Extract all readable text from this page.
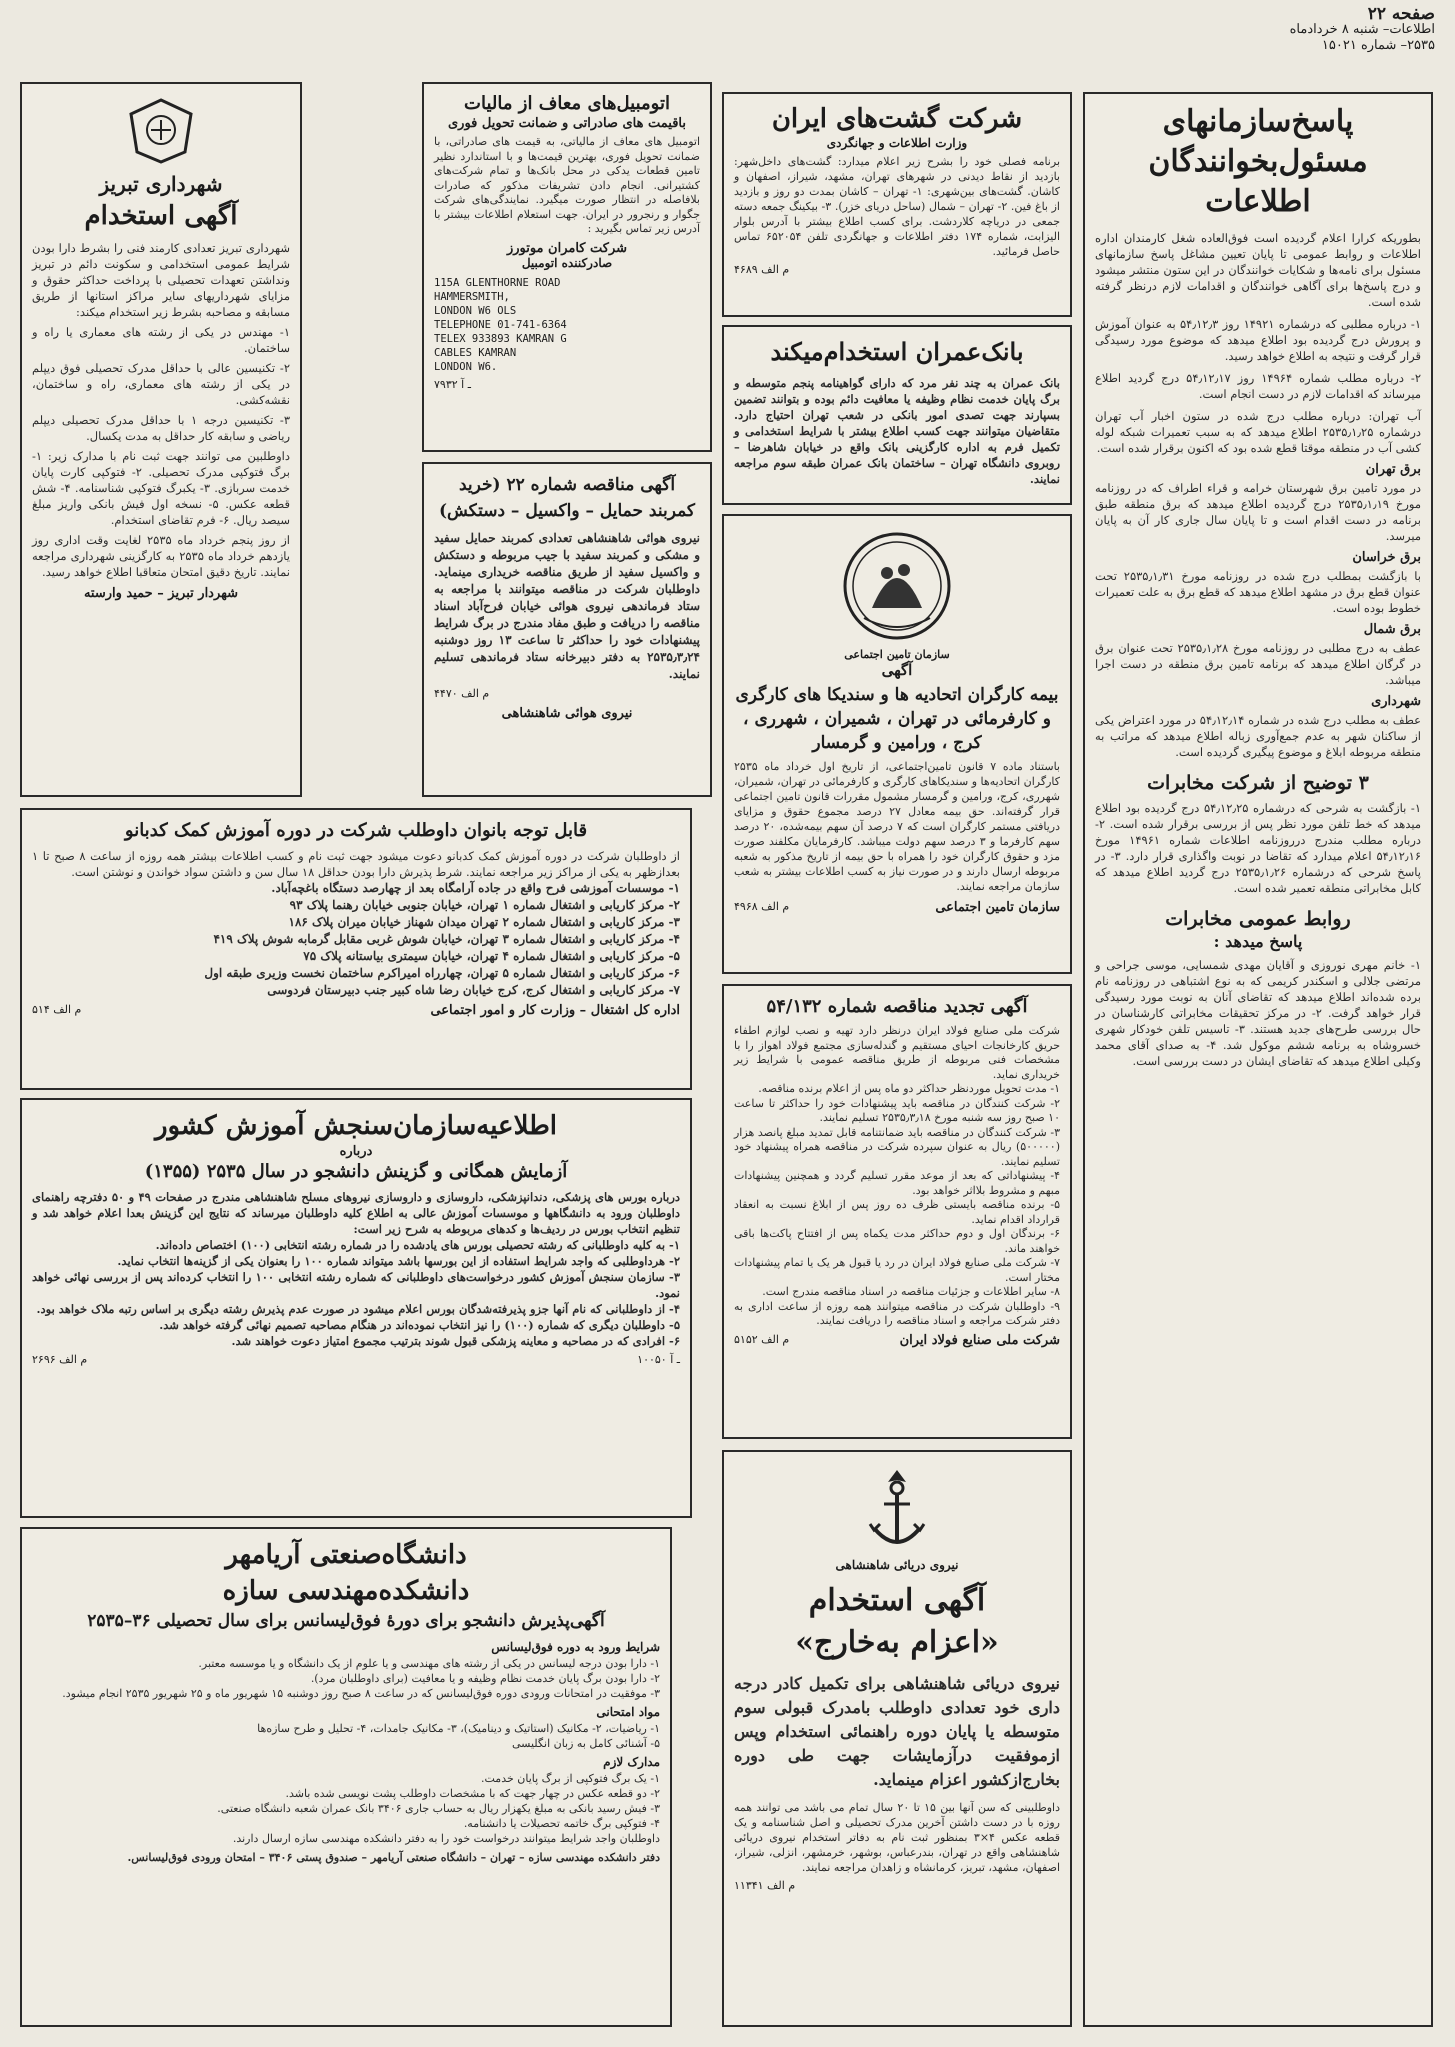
صفحه ۲۲
اطلاعات– شنبه ۸ خردادماه
۲۵۳۵– شماره ۱۵۰۲۱
پاسخ‌سازمانهای
مسئول‌بخوانندگان
اطلاعات
بطوریکه کرارا اعلام گردیده است فوق‌العاده شغل کارمندان اداره اطلاعات و روابط عمومی تا پایان تعیین مشاغل پاسخ سازمانهای مسئول برای نامه‌ها و شکایات خوانندگان در این ستون منتشر میشود و درج پاسخ‌ها برای آگاهی خوانندگان و اقدامات لازم درنظر گرفته شده است.
۱- درباره مطلبی که درشماره ۱۴۹۲۱ روز ۵۴٫۱۲٫۳ به عنوان آموزش و پرورش درج گردیده بود اطلاع میدهد که موضوع مورد رسیدگی قرار گرفت و نتیجه به اطلاع خواهد رسید.
۲- درباره مطلب شماره ۱۴۹۶۴ روز ۵۴٫۱۲٫۱۷ درج گردید اطلاع میرساند که اقدامات لازم در دست انجام است.
آب تهران: درباره مطلب درج شده در ستون اخبار آب تهران درشماره ۲۵۳۵٫۱٫۲۵ اطلاع میدهد که به سبب تعمیرات شبکه لوله کشی آب در منطقه موقتا قطع شده بود که اکنون برقرار شده است.
برق تهران
در مورد تامین برق شهرستان خرامه و قراء اطراف که در روزنامه مورخ ۲۵۳۵٫۱٫۱۹ درج گردیده اطلاع میدهد که برق منطقه طبق برنامه در دست اقدام است و تا پایان سال جاری کار آن به پایان میرسد.
برق خراسان
با بازگشت بمطلب درج شده در روزنامه مورخ ۲۵۳۵٫۱٫۳۱ تحت عنوان قطع برق در مشهد اطلاع میدهد که قطع برق به علت تعمیرات خطوط بوده است.
برق شمال
عطف به درج مطلبی در روزنامه مورخ ۲۵۳۵٫۱٫۲۸ تحت عنوان برق در گرگان اطلاع میدهد که برنامه تامین برق منطقه در دست اجرا میباشد.
شهرداری
عطف به مطلب درج شده در شماره ۵۴٫۱۲٫۱۴ در مورد اعتراض یکی از ساکنان شهر به عدم جمع‌آوری زباله اطلاع میدهد که مراتب به منطقه مربوطه ابلاغ و موضوع پیگیری گردیده است.
۳ توضیح از شرکت مخابرات
۱- بازگشت به شرحی که درشماره ۵۴٫۱۲٫۲۵ درج گردیده بود اطلاع میدهد که خط تلفن مورد نظر پس از بررسی برقرار شده است. ۲- درباره مطلب مندرج درروزنامه اطلاعات شماره ۱۴۹۶۱ مورخ ۵۴٫۱۲٫۱۶ اعلام میدارد که تقاضا در نوبت واگذاری قرار دارد. ۳- در پاسخ شرحی که درشماره ۲۵۳۵٫۱٫۲۶ درج گردید اطلاع میدهد که کابل مخابراتی منطقه تعمیر شده است.
روابط عمومی مخابرات
پاسخ میدهد :
۱- خانم مهری نوروزی و آقایان مهدی شمسایی، موسی جراحی و مرتضی جلالی و اسکندر کریمی که به نوع اشتباهی در روزنامه نام برده شده‌اند اطلاع میدهد که تقاضای آنان به نوبت مورد رسیدگی قرار خواهد گرفت. ۲- در مرکز تحقیقات مخابراتی کارشناسان در حال بررسی طرح‌های جدید هستند. ۳- تاسیس تلفن خودکار شهری خسروشاه به برنامه ششم موکول شد. ۴- به صدای آقای محمد وکیلی اطلاع میدهد که تقاضای ایشان در دست بررسی است.
شرکت گشت‌های ایران
وزارت اطلاعات و جهانگردی
برنامه فصلی خود را بشرح زیر اعلام میدارد: گشت‌های داخل‌شهر: بازدید از نقاط دیدنی در شهرهای تهران، مشهد، شیراز، اصفهان و کاشان. گشت‌های بین‌شهری: ۱- تهران – کاشان بمدت دو روز و بازدید از باغ فین. ۲- تهران – شمال (ساحل دریای خزر). ۳- بیکینگ جمعه دسته جمعی در دریاچه کلاردشت. برای کسب اطلاع بیشتر با آدرس بلوار الیزابت، شماره ۱۷۴ دفتر اطلاعات و جهانگردی تلفن ۶۵۲۰۵۴ تماس حاصل فرمائید.
م الف ۴۶۸۹
بانک‌عمران استخدام‌میکند
بانک عمران به چند نفر مرد که دارای گواهینامه پنجم متوسطه و برگ پایان خدمت نظام وظیفه یا معافیت دائم بوده و بتوانند تضمین بسپارند جهت تصدی امور بانکی در شعب تهران احتیاج دارد. متقاضیان میتوانند جهت کسب اطلاع بیشتر با شرایط استخدامی و تکمیل فرم به اداره کارگزینی بانک واقع در خیابان شاهرضا – روبروی دانشگاه تهران – ساختمان بانک عمران طبقه سوم مراجعه نمایند.
سازمان تامین اجتماعی
آگهی
بیمه کارگران اتحادیه ها و سندیکا های کارگری و کارفرمائی در تهران ، شمیران ، شهرری ، کرج ، ورامین و گرمسار
باستناد ماده ۷ قانون تامین‌اجتماعی، از تاریخ اول خرداد ماه ۲۵۳۵ کارگران اتحادیه‌ها و سندیکاهای کارگری و کارفرمائی در تهران، شمیران، شهرری، کرج، ورامین و گرمسار مشمول مقررات قانون تامین اجتماعی قرار گرفته‌اند. حق بیمه معادل ۲۷ درصد مجموع حقوق و مزایای دریافتی مستمر کارگران است که ۷ درصد آن سهم بیمه‌شده، ۲۰ درصد سهم کارفرما و ۳ درصد سهم دولت میباشد. کارفرمایان مکلفند صورت مزد و حقوق کارگران خود را همراه با حق بیمه از تاریخ مذکور به شعبه مربوطه ارسال دارند و در صورت نیاز به کسب اطلاعات بیشتر به شعب سازمان مراجعه نمایند.
سازمان تامین اجتماعی
م الف ۴۹۶۸
آگهی تجدید مناقصه شماره ۵۴/۱۳۲
شرکت ملی صنایع فولاد ایران درنظر دارد تهیه و نصب لوازم اطفاء حریق کارخانجات احیای مستقیم و گندله‌سازی مجتمع فولاد اهواز را با مشخصات فنی مربوطه از طریق مناقصه عمومی با شرایط زیر خریداری نماید.
۱- مدت تحویل موردنظر حداکثر دو ماه پس از اعلام برنده مناقصه.
۲- شرکت کنندگان در مناقصه باید پیشنهادات خود را حداکثر تا ساعت ۱۰ صبح روز سه شنبه مورخ ۲۵۳۵٫۳٫۱۸ تسلیم نمایند.
۳- شرکت کنندگان در مناقصه باید ضمانتنامه قابل تمدید مبلغ پانصد هزار (۵۰۰۰۰۰) ریال به عنوان سپرده شرکت در مناقصه همراه پیشنهاد خود تسلیم نمایند.
۴- پیشنهاداتی که بعد از موعد مقرر تسلیم گردد و همچنین پیشنهادات مبهم و مشروط بلااثر خواهد بود.
۵- برنده مناقصه بایستی ظرف ده روز پس از ابلاغ نسبت به انعقاد قرارداد اقدام نماید.
۶- برندگان اول و دوم حداکثر مدت یکماه پس از افتتاح پاکت‌ها باقی خواهند ماند.
۷- شرکت ملی صنایع فولاد ایران در رد یا قبول هر یک یا تمام پیشنهادات مختار است.
۸- سایر اطلاعات و جزئیات مناقصه در اسناد مناقصه مندرج است.
۹- داوطلبان شرکت در مناقصه میتوانند همه روزه از ساعت اداری به دفتر شرکت مراجعه و اسناد مناقصه را دریافت نمایند.
شرکت ملی صنایع فولاد ایران
م الف ۵۱۵۲
نیروی دریائی شاهنشاهی
آگهی استخدام
«اعزام به‌خارج»
نیروی دریائی شاهنشاهی برای تکمیل کادر درجه داری خود تعدادی داوطلب بامدرک قبولی سوم متوسطه یا پایان دوره راهنمائی استخدام وپس ازموفقیت درآزمایشات جهت طی دوره بخارج‌ازکشور اعزام مینماید.
داوطلبینی که سن آنها بین ۱۵ تا ۲۰ سال تمام می باشد می توانند همه روزه با در دست داشتن آخرین مدرک تحصیلی و اصل شناسنامه و یک قطعه عکس ۴×۳ بمنظور ثبت نام به دفاتر استخدام نیروی دریائی شاهنشاهی واقع در تهران، بندرعباس، بوشهر، خرمشهر، انزلی، شیراز، اصفهان، مشهد، تبریز، کرمانشاه و زاهدان مراجعه نمایند.
م الف ۱۱۳۴۱
اتومبیل‌های معاف از مالیات
باقیمت های صادراتی و ضمانت تحویل فوری
اتومبیل های معاف از مالیاتی، به قیمت های صادراتی، با ضمانت تحویل فوری، بهترین قیمت‌ها و با استاندارد نظیر تامین قطعات یدکی در محل بانک‌ها و تمام شرکت‌های کشتیرانی. انجام دادن تشریفات مذکور که صادرات بلافاصله در انتظار صورت میگیرد. نمایندگی‌های شرکت جگوار و رنجرور در ایران. جهت استعلام اطلاعات بیشتر با آدرس زیر تماس بگیرید :
شرکت کامران موتورز
صادرکننده اتومبیل
115A GLENTHORNE ROAD
HAMMERSMITH,
LONDON W6 OLS
TELEPHONE 01-741-6364
TELEX 933893 KAMRAN G
CABLES KAMRAN
LONDON W6.
۷۹۳۲ ـ آ
آگهی مناقصه شماره ۲۲ (خرید کمربند حمایل – واکسیل – دستکش)
نیروی هوائی شاهنشاهی تعدادی کمربند حمایل سفید و مشکی و کمربند سفید با جیب مربوطه و دستکش و واکسیل سفید از طریق مناقصه خریداری مینماید. داوطلبان شرکت در مناقصه میتوانند با مراجعه به ستاد فرماندهی نیروی هوائی خیابان فرح‌آباد اسناد مناقصه را دریافت و طبق مفاد مندرج در برگ شرایط پیشنهادات خود را حداکثر تا ساعت ۱۳ روز دوشنبه ۲۵۳۵٫۳٫۲۴ به دفتر دبیرخانه ستاد فرماندهی تسلیم نمایند.
م الف ۴۴۷۰
نیروی هوائی شاهنشاهی
شهرداری تبریز
آگهی استخدام
شهرداری تبریز تعدادی کارمند فنی را بشرط دارا بودن شرایط عمومی استخدامی و سکونت دائم در تبریز ونداشتن تعهدات تحصیلی با پرداخت حداکثر حقوق و مزایای شهرداریهای سایر مراکز استانها از طریق مسابقه و مصاحبه بشرط زیر استخدام میکند:
۱- مهندس در یکی از رشته های معماری یا راه و ساختمان.
۲- تکنیسین عالی با حداقل مدرک تحصیلی فوق دیپلم در یکی از رشته های معماری، راه و ساختمان، نقشه‌کشی.
۳- تکنیسین درجه ۱ با حداقل مدرک تحصیلی دیپلم ریاضی و سابقه کار حداقل به مدت یکسال.
داوطلبین می توانند جهت ثبت نام با مدارک زیر: ۱- برگ فتوکپی مدرک تحصیلی. ۲- فتوکپی کارت پایان خدمت سربازی. ۳- یکبرگ فتوکپی شناسنامه. ۴- شش قطعه عکس. ۵- نسخه اول فیش بانکی واریز مبلغ سیصد ریال. ۶- فرم تقاضای استخدام.
از روز پنجم خرداد ماه ۲۵۳۵ لغایت وقت اداری روز یازدهم خرداد ماه ۲۵۳۵ به کارگزینی شهرداری مراجعه نمایند. تاریخ دقیق امتحان متعاقبا اطلاع خواهد رسید.
شهردار تبریز – حمید وارسته
قابل توجه بانوان داوطلب شرکت در دوره آموزش کمک کدبانو
از داوطلبان شرکت در دوره آموزش کمک کدبانو دعوت میشود جهت ثبت نام و کسب اطلاعات بیشتر همه روزه از ساعت ۸ صبح تا ۱ بعدازظهر به یکی از مراکز زیر مراجعه نمایند. شرط پذیرش دارا بودن حداقل ۱۸ سال سن و داشتن سواد خواندن و نوشتن است.
۱- موسسات آموزشی فرح واقع در جاده آرامگاه بعد از چهارصد دستگاه باغچه‌آباد.
۲- مرکز کاریابی و اشتغال شماره ۱ تهران، خیابان جنوبی خیابان رهنما پلاک ۹۳
۳- مرکز کاریابی و اشتغال شماره ۲ تهران میدان شهناز خیابان میران پلاک ۱۸۶
۴- مرکز کاریابی و اشتغال شماره ۳ تهران، خیابان شوش غربی مقابل گرمابه شوش پلاک ۴۱۹
۵- مرکز کاریابی و اشتغال شماره ۴ تهران، خیابان سیمتری بیاستانه پلاک ۷۵
۶- مرکز کاریابی و اشتغال شماره ۵ تهران، چهارراه امیراکرم ساختمان نخست وزیری طبقه اول
۷- مرکز کاریابی و اشتغال کرج، کرج خیابان رضا شاه کبیر جنب دبیرستان فردوسی
اداره کل اشتغال – وزارت کار و امور اجتماعی
م الف ۵۱۴
اطلاعیه‌سازمان‌سنجش آموزش کشور
درباره
آزمایش همگانی و گزینش دانشجو در سال ۲۵۳۵ (۱۳۵۵)
درباره بورس های پزشکی، دندانپزشکی، داروسازی و داروسازی نیروهای مسلح شاهنشاهی مندرج در صفحات ۴۹ و ۵۰ دفترچه راهنمای داوطلبان ورود به دانشگاهها و موسسات آموزش عالی به اطلاع کلیه داوطلبان میرساند که نتایج این گزینش بعدا اعلام خواهد شد و تنظیم انتخاب بورس در ردیف‌ها و کدهای مربوطه به شرح زیر است:
۱- به کلیه داوطلبانی که رشته تحصیلی بورس های یادشده را در شماره رشته انتخابی (۱۰۰) اختصاص داده‌اند.
۲- هرداوطلبی که واجد شرایط استفاده از این بورسها باشد میتواند شماره ۱۰۰ را بعنوان یکی از گزینه‌ها انتخاب نماید.
۳- سازمان سنجش آموزش کشور درخواست‌های داوطلبانی که شماره رشته انتخابی ۱۰۰ را انتخاب کرده‌اند پس از بررسی نهائی خواهد نمود.
۴- از داوطلبانی که نام آنها جزو پذیرفته‌شدگان بورس اعلام میشود در صورت عدم پذیرش رشته دیگری بر اساس رتبه ملاک خواهد بود.
۵- داوطلبان دیگری که شماره (۱۰۰) را نیز انتخاب نموده‌اند در هنگام مصاحبه تصمیم نهائی گرفته خواهد شد.
۶- افرادی که در مصاحبه و معاینه پزشکی قبول شوند بترتیب مجموع امتیاز دعوت خواهند شد.
۱۰۰۵۰ ـ آ
م الف ۲۶۹۶
دانشگاه‌صنعتی آریامهر
دانشکده‌مهندسی سازه
آگهی‌پذیرش دانشجو برای دورهٔ فوق‌لیسانس برای سال تحصیلی ۳۶–۲۵۳۵
شرایط ورود به دوره فوق‌لیسانس
۱- دارا بودن درجه لیسانس در یکی از رشته های مهندسی و یا علوم از یک دانشگاه و یا موسسه معتبر.
۲- دارا بودن برگ پایان خدمت نظام وظیفه و یا معافیت (برای داوطلبان مرد).
۳- موفقیت در امتحانات ورودی دوره فوق‌لیسانس که در ساعت ۸ صبح روز دوشنبه ۱۵ شهریور ماه و ۲۵ شهریور ۲۵۳۵ انجام میشود.
مواد امتحانی
۱- ریاضیات، ۲- مکانیک (استاتیک و دینامیک)، ۳- مکانیک جامدات، ۴- تحلیل و طرح سازه‌ها
۵- آشنائی کامل به زبان انگلیسی
مدارک لازم
۱- یک برگ فتوکپی از برگ پایان خدمت.
۲- دو قطعه عکس در چهار جهت که با مشخصات داوطلب پشت نویسی شده باشد.
۳- فیش رسید بانکی به مبلغ یکهزار ریال به حساب جاری ۳۴۰۶ بانک عمران شعبه دانشگاه صنعتی.
۴- فتوکپی برگ خاتمه تحصیلات یا دانشنامه.
داوطلبان واجد شرایط میتوانند درخواست خود را به دفتر دانشکده مهندسی سازه ارسال دارند.
دفتر دانشکده مهندسی سازه – تهران – دانشگاه صنعتی آریامهر – صندوق پستی ۳۴۰۶ – امتحان ورودی فوق‌لیسانس.
